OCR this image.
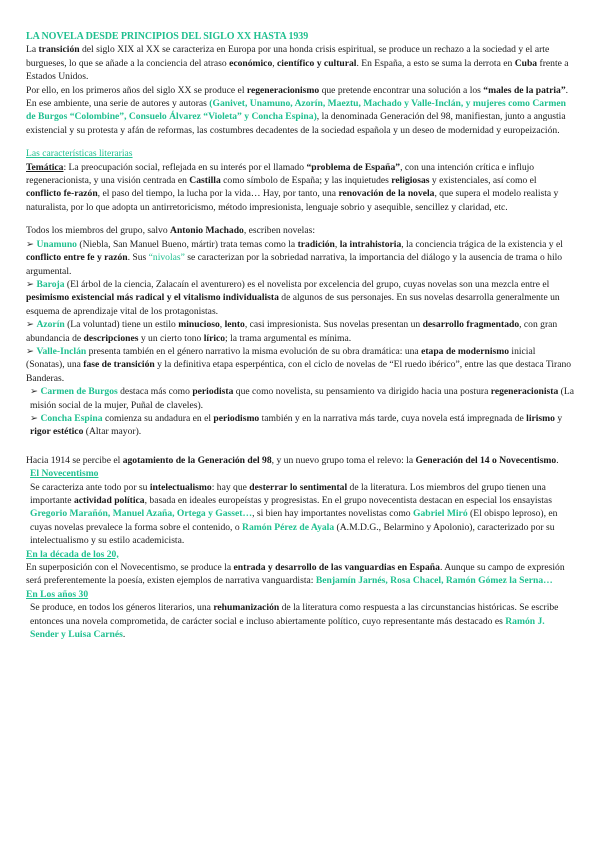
LA NOVELA DESDE PRINCIPIOS DEL SIGLO XX HASTA 1939

La transición del siglo XIX al XX se caracteriza en Europa por una honda crisis espiritual, se produce un rechazo a la sociedad y el arte burgueses, lo que se añade a la conciencia del atraso económico, científico y cultural. En España, a esto se suma la derrota en Cuba frente a Estados Unidos.

Por ello, en los primeros años del siglo XX se produce el regeneracionismo que pretende encontrar una solución a los “males de la patria”. En ese ambiente, una serie de autores y autoras (Ganivet, Unamuno, Azorín, Maeztu, Machado y Valle-Inclán, y mujeres como Carmen de Burgos “Colombine”, Consuelo Álvarez “Violeta” y Concha Espina), la denominada Generación del 98, manifiestan, junto a angustia existencial y su protesta y afán de reformas, las costumbres decadentes de la sociedad española y un deseo de modernidad y europeización.

Las características literarias

Temática: La preocupación social, reflejada en su interés por el llamado “problema de España”, con una intención crítica e influjo regeneracionista, y una visión centrada en Castilla como símbolo de España; y las inquietudes religiosas y existenciales, así como el conflicto fe-razón, el paso del tiempo, la lucha por la vida… Hay, por tanto, una renovación de la novela, que supera el modelo realista y naturalista, por lo que adopta un antirretoricismo, método impresionista, lenguaje sobrio y asequible, sencillez y claridad, etc.

Todos los miembros del grupo, salvo Antonio Machado, escriben novelas:

➢ Unamuno (Niebla, San Manuel Bueno, mártir) trata temas como la tradición, la intrahistoria, la conciencia trágica de la existencia y el conflicto entre fe y razón. Sus “nivolas” se caracterizan por la sobriedad narrativa, la importancia del diálogo y la ausencia de trama o hilo argumental.

➢ Baroja (El árbol de la ciencia, Zalacaín el aventurero) es el novelista por excelencia del grupo, cuyas novelas son una mezcla entre el pesimismo existencial más radical y el vitalismo individualista de algunos de sus personajes. En sus novelas desarrolla generalmente un esquema de aprendizaje vital de los protagonistas.

➢ Azorín (La voluntad) tiene un estilo minucioso, lento, casi impresionista. Sus novelas presentan un desarrollo fragmentado, con gran abundancia de descripciones y un cierto tono lírico; la trama argumental es mínima.

➢ Valle-Inclán presenta también en el género narrativo la misma evolución de su obra dramática: una etapa de modernismo inicial (Sonatas), una fase de transición y la definitiva etapa esperpéntica, con el ciclo de novelas de “El ruedo ibérico”, entre las que destaca Tirano Banderas.

➢ Carmen de Burgos destaca más como periodista que como novelista, su pensamiento va dirigido hacia una postura regeneracionista (La misión social de la mujer, Puñal de claveles).

➢ Concha Espina comienza su andadura en el periodismo también y en la narrativa más tarde, cuya novela está impregnada de lirismo y rigor estético (Altar mayor).

Hacia 1914 se percibe el agotamiento de la Generación del 98, y un nuevo grupo toma el relevo: la Generación del 14 o Novecentismo.

El Novecentismo

Se caracteriza ante todo por su intelectualismo: hay que desterrar lo sentimental de la literatura. Los miembros del grupo tienen una importante actividad política, basada en ideales europeístas y progresistas. En el grupo novecentista destacan en especial los ensayistas Gregorio Marañón, Manuel Azaña, Ortega y Gasset…, si bien hay importantes novelistas como Gabriel Miró (El obispo leproso), en cuyas novelas prevalece la forma sobre el contenido, o Ramón Pérez de Ayala (A.M.D.G., Belarmino y Apolonio), caracterizado por su intelectualismo y su estilo academicista.

En la década de los 20,

En superposición con el Novecentismo, se produce la entrada y desarrollo de las vanguardias en España. Aunque su campo de expresión será preferentemente la poesía, existen ejemplos de narrativa vanguardista: Benjamín Jarnés, Rosa Chacel, Ramón Gómez la Serna…

En Los años 30

Se produce, en todos los géneros literarios, una rehumanización de la literatura como respuesta a las circunstancias históricas. Se escribe entonces una novela comprometida, de carácter social e incluso abiertamente político, cuyo representante más destacado es Ramón J. Sender y Luisa Carnés.
